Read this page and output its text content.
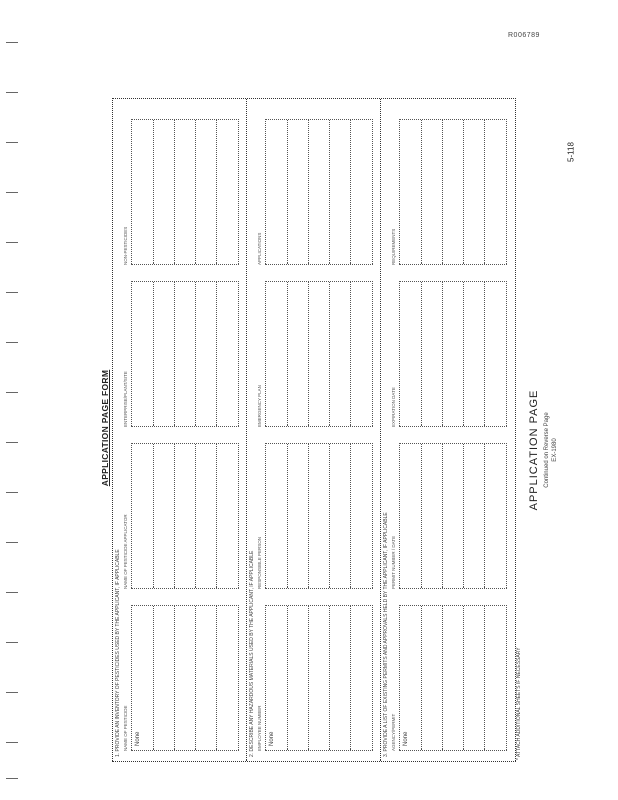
R006789
5-118
APPLICATION PAGE FORM
1. PROVIDE AN INVENTORY OF PESTICIDES USED BY THE APPLICANT, IF APPLICABLE NAME OF PESTICIDE None
NAME OF PESTICIDE APPLICATOR
ENTERPRISE/PLANT/SITE
NON-PESTICIDES
2. DESCRIBE ANY HAZARDOUS MATERIALS USED BY THE APPLICANT, IF APPLICABLE EMPLOYEE NUMBER None
RESPONSIBLE PERSON
EMERGENCY PLAN
APPLICATIONS
3. PROVIDE A LIST OF EXISTING PERMITS AND APPROVALS HELD BY THE APPLICANT, IF APPLICABLE AGENCY/PERMIT None
PERMIT NUMBER / DATE
EXPIRATION DATE
REQUIREMENTS
* ATTACH ADDITIONAL SHEETS IF NECESSARY
APPLICATION PAGE Continued on Reverse Page EX-1980
